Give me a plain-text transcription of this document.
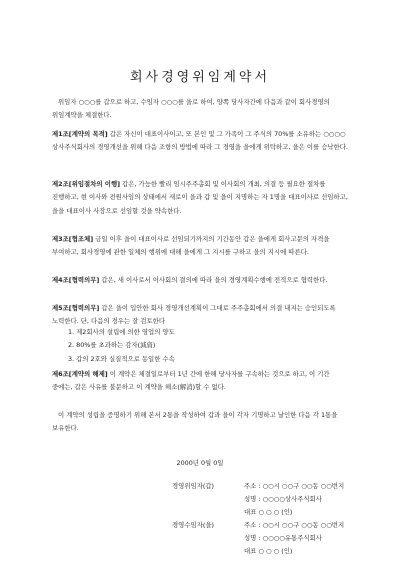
회사경영위임계약서
위임자 ○○○를 갑으로 하고, 수임자 ○○○를 을로 하여, 양쪽 당사자간에 다음과 같이 회사경영의 위임계약을 체결한다.
제1조[계약의 목적] 갑은 자신이 대표이사이고, 또 본인 및 그 가족이 그 주식의 70%를 소유하는 ○○○○상사주식회사의 경영개선을 위해 다음 조항의 방법에 따라 그 경영을 을에게 위탁하고, 을은 이를 승낙한다.
제2조[위임절차의 이행] 갑은, 가능한 빨리 임시주주총회 및 이사회의 개최, 의결 등 필요한 절차를 진행하고, 현 이사와 전원사임의 상태에서 새로이 을과 갑 및 을이 지명하는 자 1명을 대표이사로 선임하고, 을을 대표이사 사장으로 선임할 것을 약속한다.
제3조[협조체] 금일 이후 을이 대표이사로 선임되기까지의 기간동안 갑은 을에게 회사고문의 자격을 부여하고, 회사경영에 관한 일체의 행위에 대해 을에게 그 지시를 구하고 을의 지시에 따른다.
제4조[협력의무] 갑은, 새 이사로서 이사회의 결의에 따라 을의 경영계획수행에 전적으로 협력한다.
제5조[협력의무] 갑은 을이 입안한 회사 경영개선계획이 그대로 주주총회에서 의결 내지는 승인되도록 노력한다. 단, 다음의 경우는 잘 검토한다
1. 제2회사의 설립에 의한 영업의 양도
2. 80%를 초과하는 감자(減資)
3. 갑의 2호와 실질적으로 동일한 수속
제6조[계약의 해제] 이 계약은 체결일로부터 1년 간에 한해 당사자를 구속하는 것으로 하고, 이 기간 중에는, 갑은 사유를 불문하고 이 계약을 해소(解消)할 수 없다.
이 계약의 성립을 증명하기 위해 본서 2통을 작성하여 갑과 을이 각자 기명하고 날인한 다음 각 1통을 보유한다.
2000년 0월 0일
경영위임자(갑)	주소 : ○○시 ○○구 ○○동 ○○번지
성명 : ○○○○상사주식회사
대표 ○ ○ ○ (인)
경영수임자(을)	주소 : ○○시 ○○구 ○○동 ○○번지
성명 : ○○○○유통주식회사
대표 ○ ○ ○ (인)
